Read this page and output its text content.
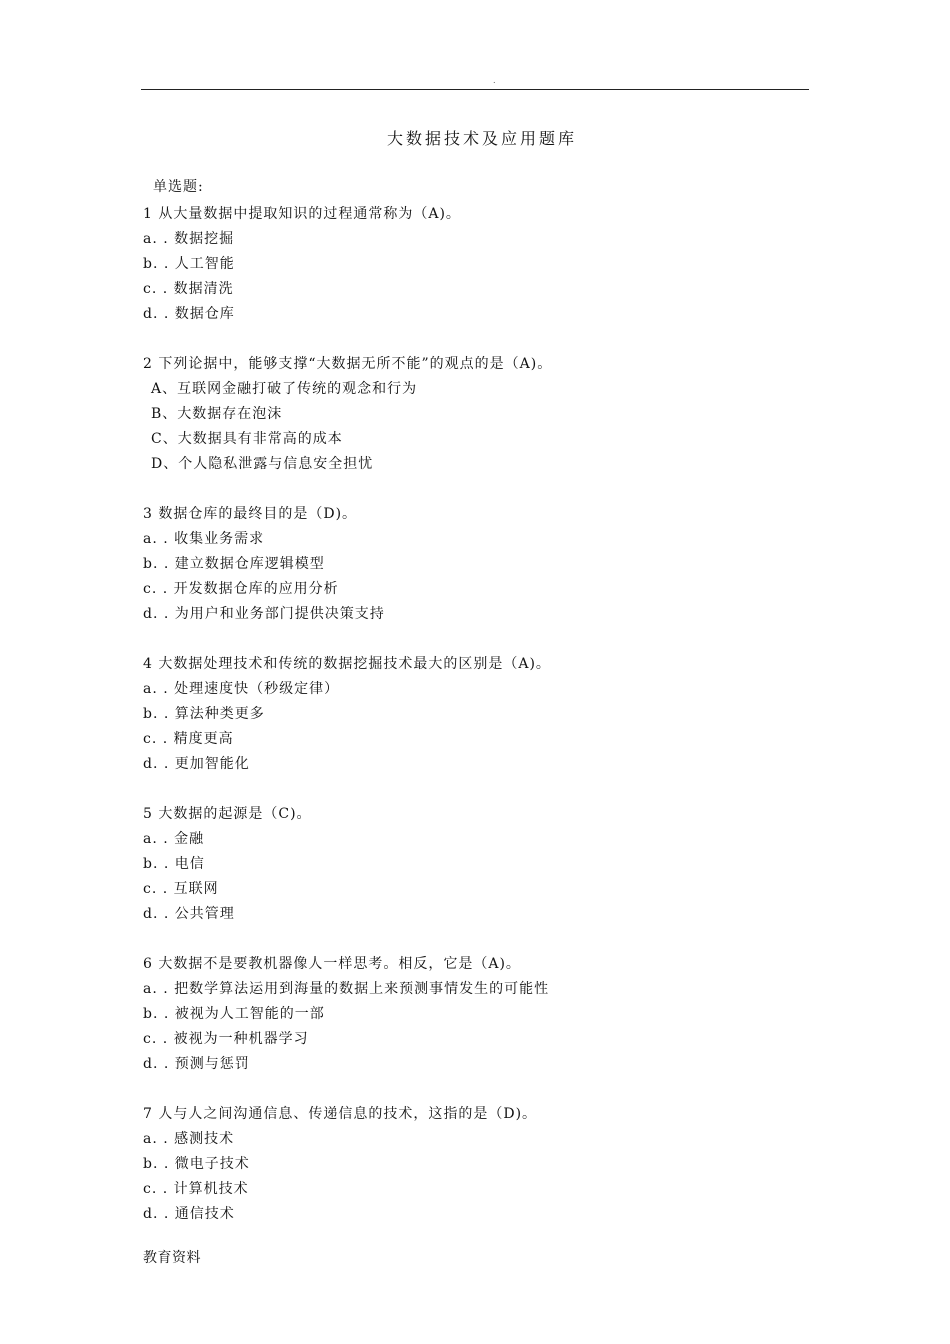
.
大数据技术及应用题库
单选题:
1 从大量数据中提取知识的过程通常称为（A)。
a. . 数据挖掘
b. . 人工智能
c. . 数据清洗
d. . 数据仓库
2 下列论据中，能够支撑“大数据无所不能”的观点的是（A)。
A、互联网金融打破了传统的观念和行为
B、大数据存在泡沫
C、大数据具有非常高的成本
D、个人隐私泄露与信息安全担忧
3 数据仓库的最终目的是（D)。
a. . 收集业务需求
b. . 建立数据仓库逻辑模型
c. . 开发数据仓库的应用分析
d. . 为用户和业务部门提供决策支持
4 大数据处理技术和传统的数据挖掘技术最大的区别是（A)。
a. . 处理速度快（秒级定律）
b. . 算法种类更多
c. . 精度更高
d. . 更加智能化
5 大数据的起源是（C)。
a. . 金融
b. . 电信
c. . 互联网
d. . 公共管理
6 大数据不是要教机器像人一样思考。相反，它是（A)。
a. . 把数学算法运用到海量的数据上来预测事情发生的可能性
b. . 被视为人工智能的一部
c. . 被视为一种机器学习
d. . 预测与惩罚
7 人与人之间沟通信息、传递信息的技术，这指的是（D)。
a. . 感测技术
b. . 微电子技术
c. . 计算机技术
d. . 通信技术
教育资料
